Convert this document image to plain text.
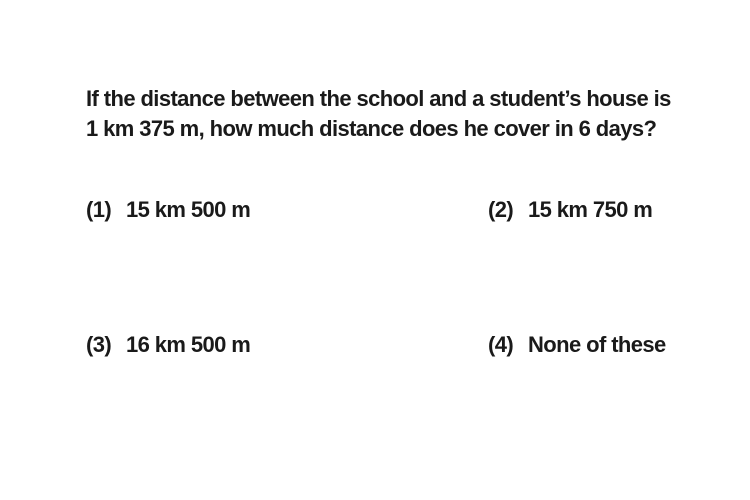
If the distance between the school and a student’s house is
1 km 375 m, how much distance does he cover in 6 days?
(1) 15 km 500 m	(2) 15 km 750 m
(3) 16 km 500 m	(4) None of these
